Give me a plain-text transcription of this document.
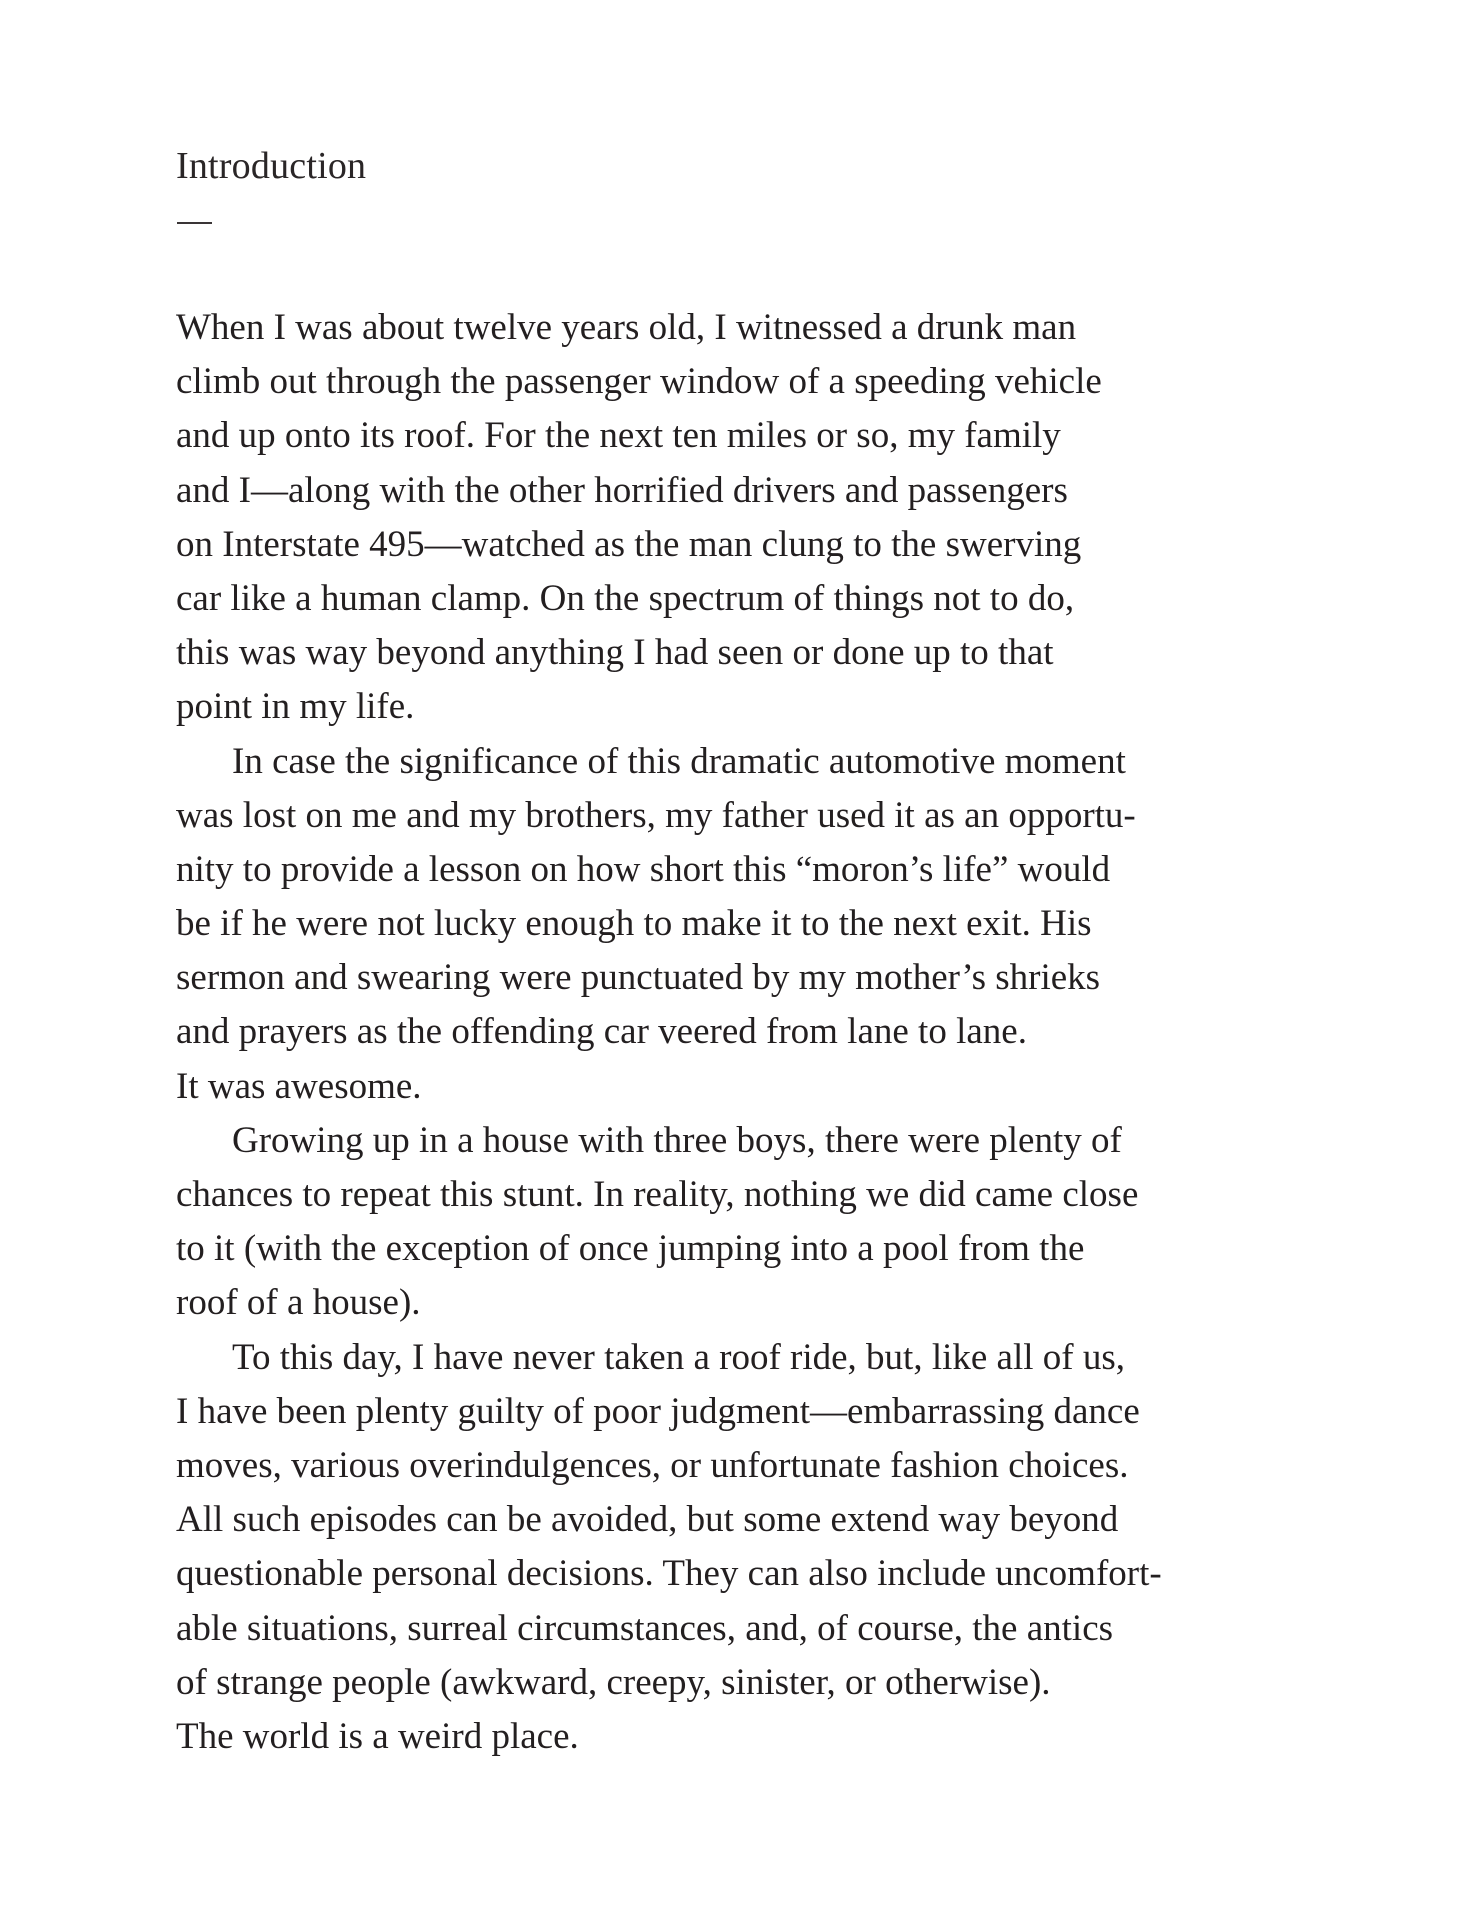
Introduction
When I was about twelve years old, I witnessed a drunk man
climb out through the passenger window of a speeding vehicle
and up onto its roof. For the next ten miles or so, my family
and I—along with the other horrified drivers and passengers
on Interstate 495—watched as the man clung to the swerving
car like a human clamp. On the spectrum of things not to do,
this was way beyond anything I had seen or done up to that
point in my life.
In case the significance of this dramatic automotive moment
was lost on me and my brothers, my father used it as an opportu-
nity to provide a lesson on how short this “moron’s life” would
be if he were not lucky enough to make it to the next exit. His
sermon and swearing were punctuated by my mother’s shrieks
and prayers as the offending car veered from lane to lane.
It was awesome.
Growing up in a house with three boys, there were plenty of
chances to repeat this stunt. In reality, nothing we did came close
to it (with the exception of once jumping into a pool from the
roof of a house).
To this day, I have never taken a roof ride, but, like all of us,
I have been plenty guilty of poor judgment—embarrassing dance
moves, various overindulgences, or unfortunate fashion choices.
All such episodes can be avoided, but some extend way beyond
questionable personal decisions. They can also include uncomfort-
able situations, surreal circumstances, and, of course, the antics
of strange people (awkward, creepy, sinister, or otherwise).
The world is a weird place.
